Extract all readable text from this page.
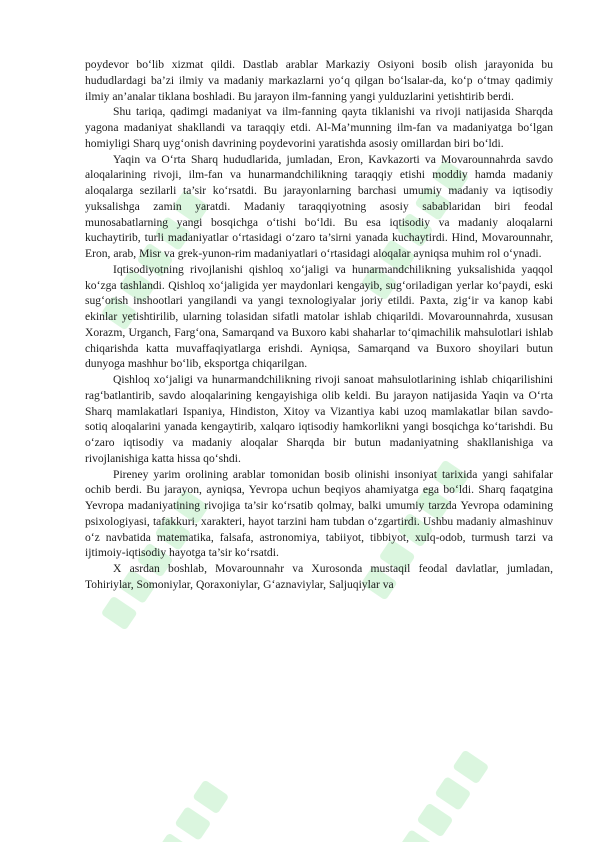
poydevor bo‘lib xizmat qildi. Dastlab arablar Markaziy Osiyoni bosib olish jarayonida bu hududlardagi ba’zi ilmiy va madaniy markazlarni yo‘q qilgan bo‘lsalar-da, ko‘p o‘tmay qadimiy ilmiy an’analar tiklana boshladi. Bu jarayon ilm-fanning yangi yulduzlarini yetishtirib berdi.

Shu tariqa, qadimgi madaniyat va ilm-fanning qayta tiklanishi va rivoji natijasida Sharqda yagona madaniyat shakllandi va taraqqiy etdi. Al-Ma’munning ilm-fan va madaniyatga bo‘lgan homiyligi Sharq uyg‘onish davrining poydevorini yaratishda asosiy omillardan biri bo‘ldi.

Yaqin va O‘rta Sharq hududlarida, jumladan, Eron, Kavkazorti va Movarounnahrda savdo aloqalarining rivoji, ilm-fan va hunarmandchilikning taraqqiy etishi moddiy hamda madaniy aloqalarga sezilarli ta’sir ko‘rsatdi. Bu jarayonlarning barchasi umumiy madaniy va iqtisodiy yuksalishga zamin yaratdi. Madaniy taraqqiyotning asosiy sabablaridan biri feodal munosabatlarning yangi bosqichga o‘tishi bo‘ldi. Bu esa iqtisodiy va madaniy aloqalarni kuchaytirib, turli madaniyatlar o‘rtasidagi o‘zaro ta’sirni yanada kuchaytirdi. Hind, Movarounnahr, Eron, arab, Misr va grek-yunon-rim madaniyatlari o‘rtasidagi aloqalar ayniqsa muhim rol o‘ynadi.

Iqtisodiyotning rivojlanishi qishloq xo‘jaligi va hunarmandchilikning yuksalishida yaqqol ko‘zga tashlandi. Qishloq xo‘jaligida yer maydonlari kengayib, sug‘oriladigan yerlar ko‘paydi, eski sug‘orish inshootlari yangilandi va yangi texnologiyalar joriy etildi. Paxta, zig‘ir va kanop kabi ekinlar yetishtirilib, ularning tolasidan sifatli matolar ishlab chiqarildi. Movarounnahrda, xususan Xorazm, Urganch, Farg‘ona, Samarqand va Buxoro kabi shaharlar to‘qimachilik mahsulotlari ishlab chiqarishda katta muvaffaqiyatlarga erishdi. Ayniqsa, Samarqand va Buxoro shoyilari butun dunyoga mashhur bo‘lib, eksportga chiqarilgan.

Qishloq xo‘jaligi va hunarmandchilikning rivoji sanoat mahsulotlarining ishlab chiqarilishini rag‘batlantirib, savdo aloqalarining kengayishiga olib keldi. Bu jarayon natijasida Yaqin va O‘rta Sharq mamlakatlari Ispaniya, Hindiston, Xitoy va Vizantiya kabi uzoq mamlakatlar bilan savdo-sotiq aloqalarini yanada kengaytirib, xalqaro iqtisodiy hamkorlikni yangi bosqichga ko‘tarishdi. Bu o‘zaro iqtisodiy va madaniy aloqalar Sharqda bir butun madaniyatning shakllanishiga va rivojlanishiga katta hissa qo‘shdi.

Pireney yarim orolining arablar tomonidan bosib olinishi insoniyat tarixida yangi sahifalar ochib berdi. Bu jarayon, ayniqsa, Yevropa uchun beqiyos ahamiyatga ega bo‘ldi. Sharq faqatgina Yevropa madaniyatining rivojiga ta’sir ko‘rsatib qolmay, balki umumiy tarzda Yevropa odamining psixologiyasi, tafakkuri, xarakteri, hayot tarzini ham tubdan o‘zgartirdi. Ushbu madaniy almashinuv o‘z navbatida matematika, falsafa, astronomiya, tabiiyot, tibbiyot, xulq-odob, turmush tarzi va ijtimoiy-iqtisodiy hayotga ta’sir ko‘rsatdi.

X asrdan boshlab, Movarounnahr va Xurosonda mustaqil feodal davlatlar, jumladan, Tohiriylar, Somoniylar, Qoraxoniylar, G‘aznaviylar, Saljuqiylar va
